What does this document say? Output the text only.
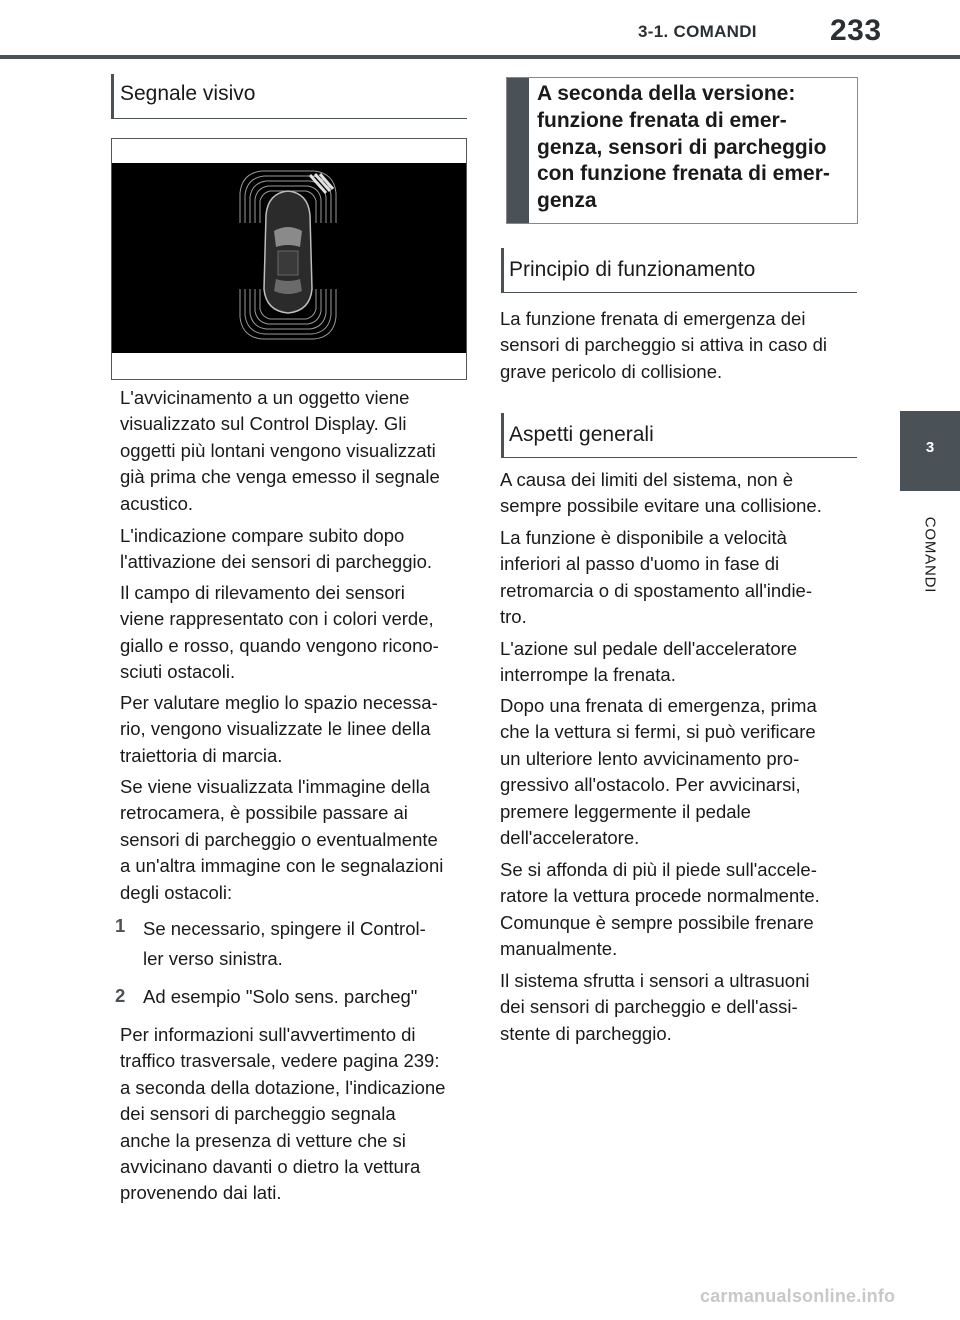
3-1. COMANDI 233
3
COMANDI
Segnale visivo
L'avvicinamento a un oggetto viene
visualizzato sul Control Display. Gli
oggetti più lontani vengono visualizzati
già prima che venga emesso il segnale
acustico.
L'indicazione compare subito dopo
l'attivazione dei sensori di parcheggio.
Il campo di rilevamento dei sensori
viene rappresentato con i colori verde,
giallo e rosso, quando vengono ricono-
sciuti ostacoli.
Per valutare meglio lo spazio necessa-
rio, vengono visualizzate le linee della
traiettoria di marcia.
Se viene visualizzata l'immagine della
retrocamera, è possibile passare ai
sensori di parcheggio o eventualmente
a un'altra immagine con le segnalazioni
degli ostacoli:
1 Se necessario, spingere il Control-
ler verso sinistra.
2 Ad esempio "Solo sens. parcheg"
Per informazioni sull'avvertimento di
traffico trasversale, vedere pagina 239:
a seconda della dotazione, l'indicazione
dei sensori di parcheggio segnala
anche la presenza di vetture che si
avvicinano davanti o dietro la vettura
provenendo dai lati.
A seconda della versione:
funzione frenata di emer-
genza, sensori di parcheggio
con funzione frenata di emer-
genza
Principio di funzionamento
La funzione frenata di emergenza dei
sensori di parcheggio si attiva in caso di
grave pericolo di collisione.
Aspetti generali
A causa dei limiti del sistema, non è
sempre possibile evitare una collisione.
La funzione è disponibile a velocità
inferiori al passo d'uomo in fase di
retromarcia o di spostamento all'indie-
tro.
L'azione sul pedale dell'acceleratore
interrompe la frenata.
Dopo una frenata di emergenza, prima
che la vettura si fermi, si può verificare
un ulteriore lento avvicinamento pro-
gressivo all'ostacolo. Per avvicinarsi,
premere leggermente il pedale
dell'acceleratore.
Se si affonda di più il piede sull'accele-
ratore la vettura procede normalmente.
Comunque è sempre possibile frenare
manualmente.
Il sistema sfrutta i sensori a ultrasuoni
dei sensori di parcheggio e dell'assi-
stente di parcheggio.
carmanualsonline.info
